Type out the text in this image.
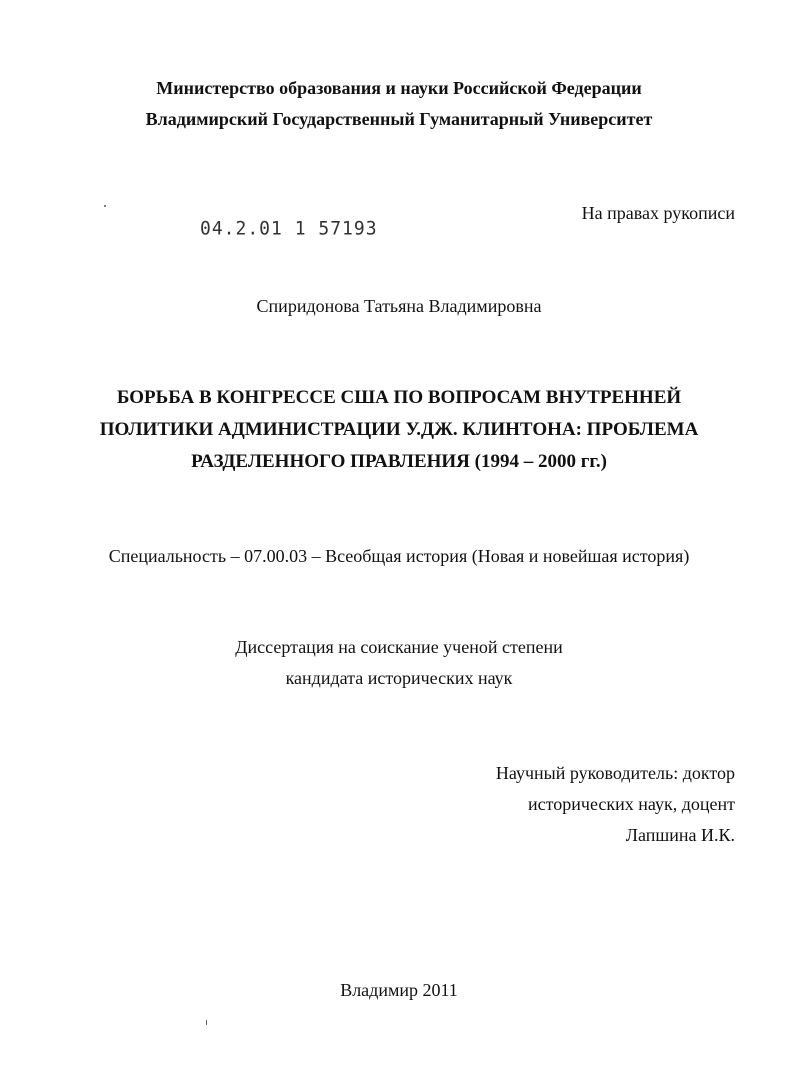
Министерство образования и науки Российской Федерации
Владимирский Государственный Гуманитарный Университет
На правах рукописи
04.2.01 1 57193
Спиридонова Татьяна Владимировна
БОРЬБА В КОНГРЕССЕ США ПО ВОПРОСАМ ВНУТРЕННЕЙ
ПОЛИТИКИ АДМИНИСТРАЦИИ У.ДЖ. КЛИНТОНА: ПРОБЛЕМА
РАЗДЕЛЕННОГО ПРАВЛЕНИЯ (1994 – 2000 гг.)
Специальность – 07.00.03 – Всеобщая история (Новая и новейшая история)
Диссертация на соискание ученой степени
кандидата исторических наук
Научный руководитель: доктор
исторических наук, доцент
Лапшина И.К.
Владимир 2011
